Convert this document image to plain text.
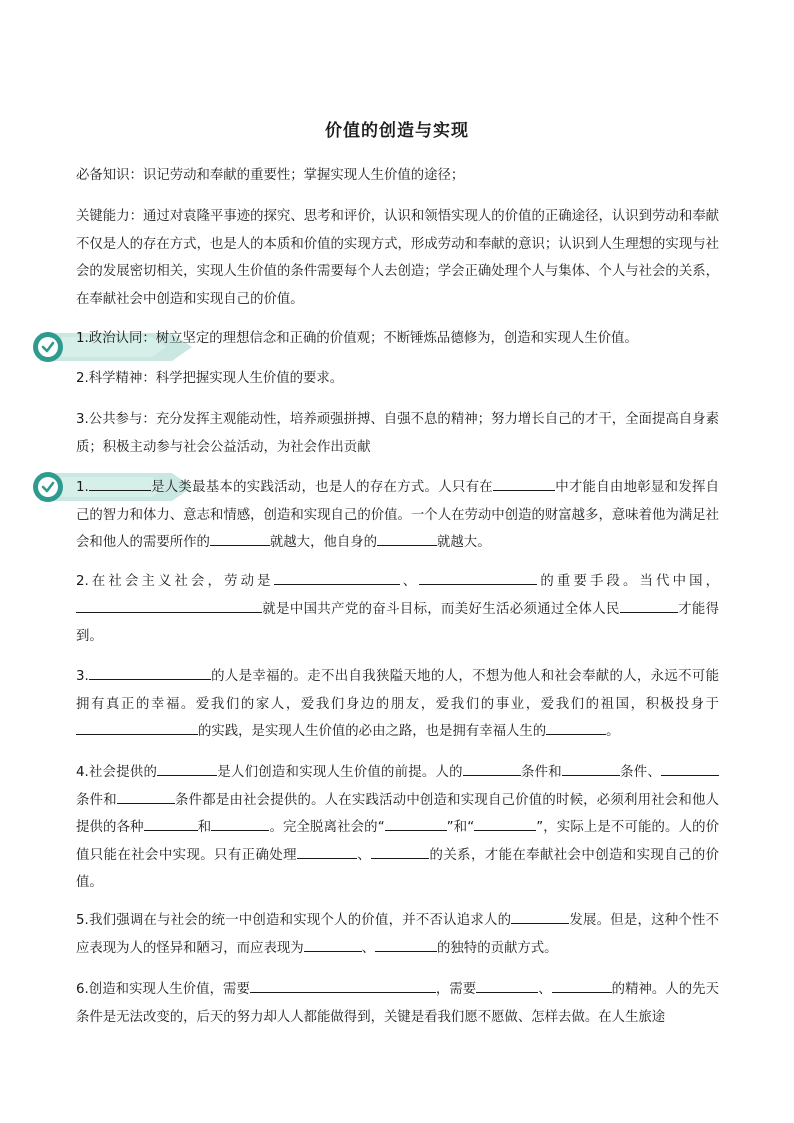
价值的创造与实现
必备知识：识记劳动和奉献的重要性；掌握实现人生价值的途径；
关键能力：通过对袁隆平事迹的探究、思考和评价，认识和领悟实现人的价值的正确途径，认识到劳动和奉献不仅是人的存在方式，也是人的本质和价值的实现方式，形成劳动和奉献的意识；认识到人生理想的实现与社会的发展密切相关，实现人生价值的条件需要每个人去创造；学会正确处理个人与集体、个人与社会的关系，在奉献社会中创造和实现自己的价值。
1.政治认同：树立坚定的理想信念和正确的价值观；不断锤炼品德修为，创造和实现人生价值。
2.科学精神：科学把握实现人生价值的要求。
3.公共参与：充分发挥主观能动性，培养顽强拼搏、自强不息的精神；努力增长自己的才干，全面提高自身素质；积极主动参与社会公益活动，为社会作出贡献
1.	是人类最基本的实践活动，也是人的存在方式。人只有在	中才能自由地彰显和发挥自己的智力和体力、意志和情感，创造和实现自己的价值。一个人在劳动中创造的财富越多，意味着他为满足社会和他人的需要所作的	就越大，他自身的	就越大。
2.在社会主义社会，劳动是	、	的重要手段。当代中国，就是中国共产党的奋斗目标，而美好生活必须通过全体人民	才能得到。
3.	的人是幸福的。走不出自我狭隘天地的人，不想为他人和社会奉献的人，永远不可能拥有真正的幸福。爱我们的家人，爱我们身边的朋友，爱我们的事业，爱我们的祖国，积极投身于的实践，是实现人生价值的必由之路，也是拥有幸福人生的	。
4.社会提供的	是人们创造和实现人生价值的前提。人的	条件和	条件、条件和	条件都是由社会提供的。人在实践活动中创造和实现自己价值的时候，必须利用社会和他人提供的各种	和	。完全脱离社会的“	”和“	”，实际上是不可能的。人的价值只能在社会中实现。只有正确处理	、	的关系，才能在奉献社会中创造和实现自己的价值。
5.我们强调在与社会的统一中创造和实现个人的价值，并不否认追求人的	发展。但是，这种个性不应表现为人的怪异和陋习，而应表现为	、	的独特的贡献方式。
6.创造和实现人生价值，需要	，需要	、	的精神。人的先天条件是无法改变的，后天的努力却人人都能做得到，关键是看我们愿不愿做、怎样去做。在人生旅途
